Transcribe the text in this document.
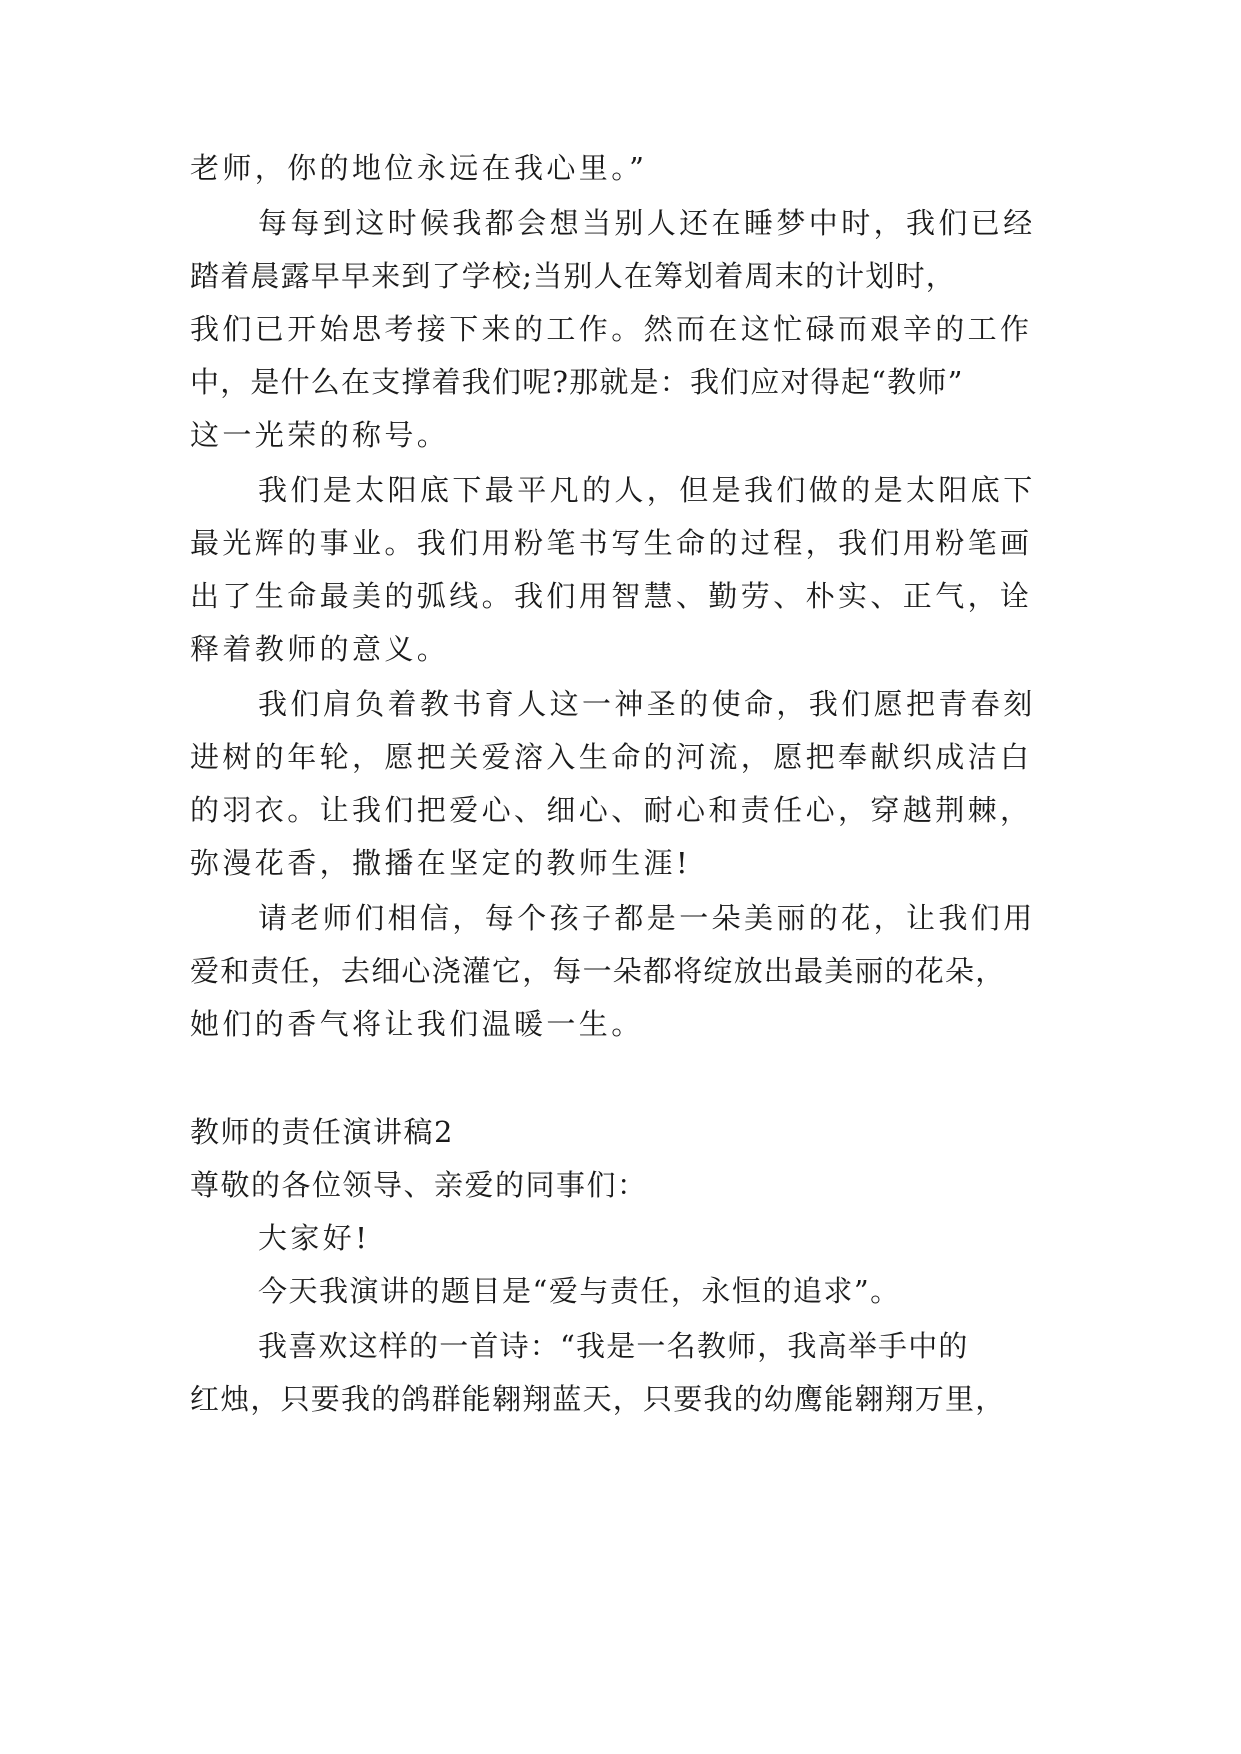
老师，你的地位永远在我心里。”
每每到这时候我都会想当别人还在睡梦中时，我们已经
踏着晨露早早来到了学校;当别人在筹划着周末的计划时，
我们已开始思考接下来的工作。然而在这忙碌而艰辛的工作
中，是什么在支撑着我们呢?那就是：我们应对得起“教师”
这一光荣的称号。
我们是太阳底下最平凡的人，但是我们做的是太阳底下
最光辉的事业。我们用粉笔书写生命的过程，我们用粉笔画
出了生命最美的弧线。我们用智慧、勤劳、朴实、正气，诠
释着教师的意义。
我们肩负着教书育人这一神圣的使命，我们愿把青春刻
进树的年轮，愿把关爱溶入生命的河流，愿把奉献织成洁白
的羽衣。让我们把爱心、细心、耐心和责任心，穿越荆棘，
弥漫花香，撒播在坚定的教师生涯!
请老师们相信，每个孩子都是一朵美丽的花，让我们用
爱和责任，去细心浇灌它，每一朵都将绽放出最美丽的花朵，
她们的香气将让我们温暖一生。
教师的责任演讲稿2
尊敬的各位领导、亲爱的同事们：
大家好!
今天我演讲的题目是“爱与责任，永恒的追求”。
我喜欢这样的一首诗：“我是一名教师，我高举手中的
红烛，只要我的鸽群能翱翔蓝天，只要我的幼鹰能翱翔万里，
